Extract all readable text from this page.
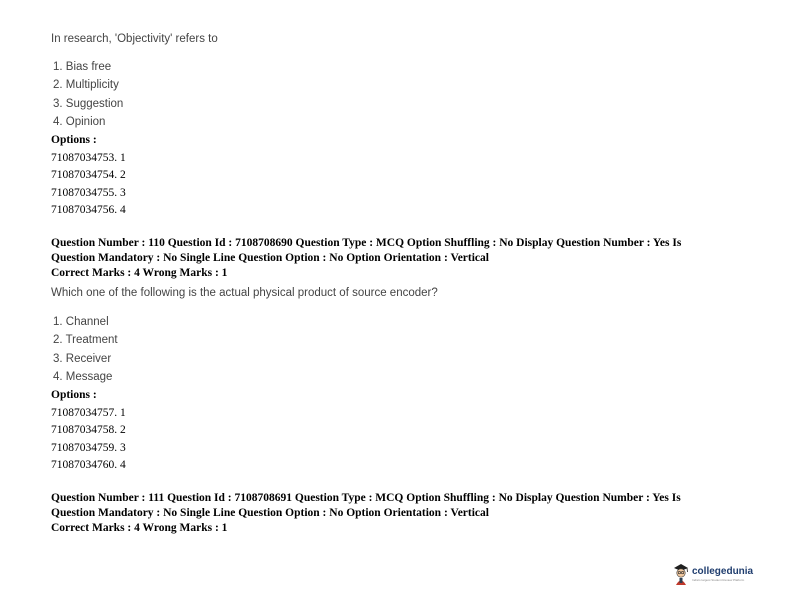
In research, 'Objectivity' refers to
1. Bias free
2. Multiplicity
3. Suggestion
4. Opinion
Options :
71087034753. 1
71087034754. 2
71087034755. 3
71087034756. 4
Question Number : 110 Question Id : 7108708690 Question Type : MCQ Option Shuffling : No Display Question Number : Yes Is
Question Mandatory : No Single Line Question Option : No Option Orientation : Vertical
Correct Marks : 4 Wrong Marks : 1
Which one of the following is the actual physical product of source encoder?
1. Channel
2. Treatment
3. Receiver
4. Message
Options :
71087034757. 1
71087034758. 2
71087034759. 3
71087034760. 4
Question Number : 111 Question Id : 7108708691 Question Type : MCQ Option Shuffling : No Display Question Number : Yes Is
Question Mandatory : No Single Line Question Option : No Option Orientation : Vertical
Correct Marks : 4 Wrong Marks : 1
collegedunia
India's largest Student Review Platform
